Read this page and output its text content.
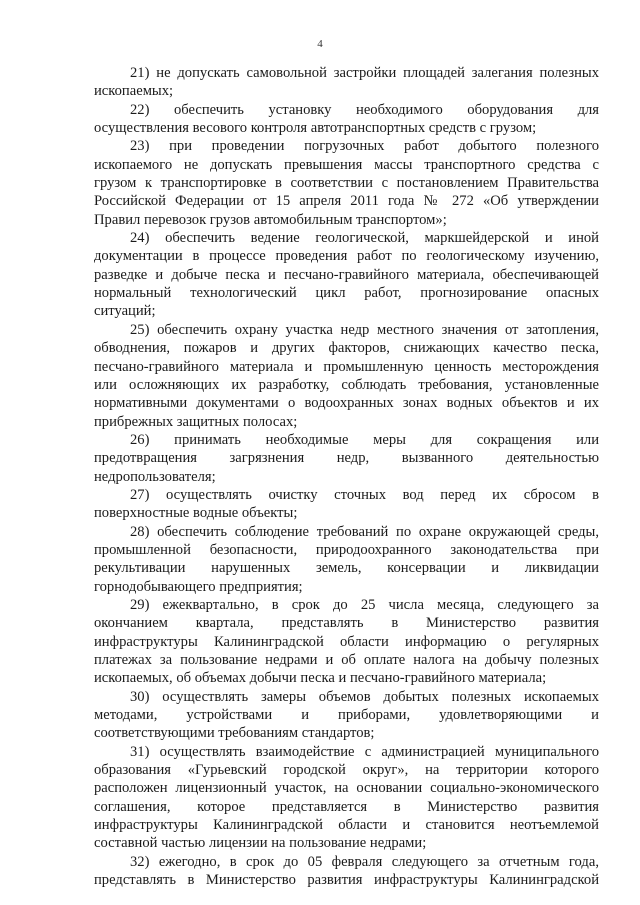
4

21) не допускать самовольной застройки площадей залегания полезных
ископаемых;

22) обеспечить установку необходимого оборудования для
осуществления весового контроля автотранспортных средств с грузом;

23) при проведении погрузочных работ добытого полезного
ископаемого не допускать превышения массы транспортного средства с
грузом к транспортировке в соответствии с постановлением Правительства
Российской Федерации от 15 апреля 2011 года № 272 «Об утверждении
Правил перевозок грузов автомобильным транспортом»;

24) обеспечить ведение геологической, маркшейдерской и иной
документации в процессе проведения работ по геологическому изучению,
разведке и добыче песка и песчано-гравийного материала, обеспечивающей
нормальный технологический цикл работ, прогнозирование опасных
ситуаций;

25) обеспечить охрану участка недр местного значения от затопления,
обводнения, пожаров и других факторов, снижающих качество песка,
песчано-гравийного материала и промышленную ценность месторождения
или осложняющих их разработку, соблюдать требования, установленные
нормативными документами о водоохранных зонах водных объектов и их
прибрежных защитных полосах;

26) принимать необходимые меры для сокращения или
предотвращения загрязнения недр, вызванного деятельностью
недропользователя;

27) осуществлять очистку сточных вод перед их сбросом в
поверхностные водные объекты;

28) обеспечить соблюдение требований по охране окружающей среды,
промышленной безопасности, природоохранного законодательства при
рекультивации нарушенных земель, консервации и ликвидации
горнодобывающего предприятия;

29) ежеквартально, в срок до 25 числа месяца, следующего за
окончанием квартала, представлять в Министерство развития
инфраструктуры Калининградской области информацию о регулярных
платежах за пользование недрами и об оплате налога на добычу полезных
ископаемых, об объемах добычи песка и песчано-гравийного материала;

30) осуществлять замеры объемов добытых полезных ископаемых
методами, устройствами и приборами, удовлетворяющими и
соответствующими требованиям стандартов;

31) осуществлять взаимодействие с администрацией муниципального
образования «Гурьевский городской округ», на территории которого
расположен лицензионный участок, на основании социально-экономического
соглашения, которое представляется в Министерство развития
инфраструктуры Калининградской области и становится неотъемлемой
составной частью лицензии на пользование недрами;

32) ежегодно, в срок до 05 февраля следующего за отчетным года,
представлять в Министерство развития инфраструктуры Калининградской
